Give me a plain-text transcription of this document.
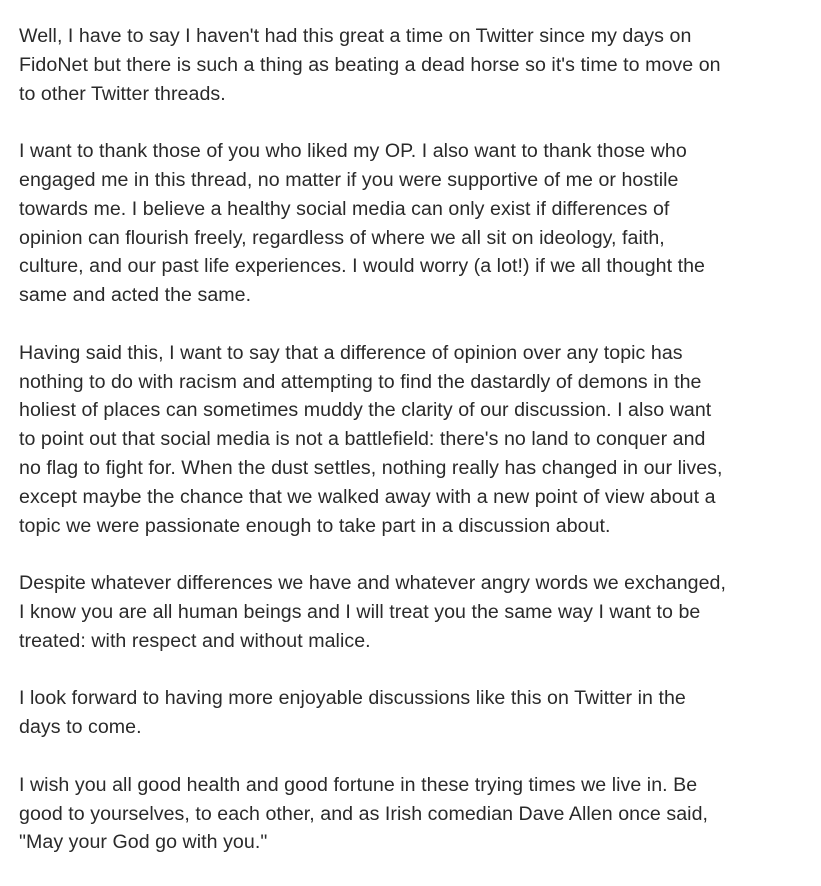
Well, I have to say I haven't had this great a time on Twitter since my days on
FidoNet but there is such a thing as beating a dead horse so it's time to move on
to other Twitter threads.

I want to thank those of you who liked my OP. I also want to thank those who
engaged me in this thread, no matter if you were supportive of me or hostile
towards me. I believe a healthy social media can only exist if differences of
opinion can flourish freely, regardless of where we all sit on ideology, faith,
culture, and our past life experiences. I would worry (a lot!) if we all thought the
same and acted the same.

Having said this, I want to say that a difference of opinion over any topic has
nothing to do with racism and attempting to find the dastardly of demons in the
holiest of places can sometimes muddy the clarity of our discussion. I also want
to point out that social media is not a battlefield: there's no land to conquer and
no flag to fight for. When the dust settles, nothing really has changed in our lives,
except maybe the chance that we walked away with a new point of view about a
topic we were passionate enough to take part in a discussion about.

Despite whatever differences we have and whatever angry words we exchanged,
I know you are all human beings and I will treat you the same way I want to be
treated: with respect and without malice.

I look forward to having more enjoyable discussions like this on Twitter in the
days to come.

I wish you all good health and good fortune in these trying times we live in. Be
good to yourselves, to each other, and as Irish comedian Dave Allen once said,
"May your God go with you."
